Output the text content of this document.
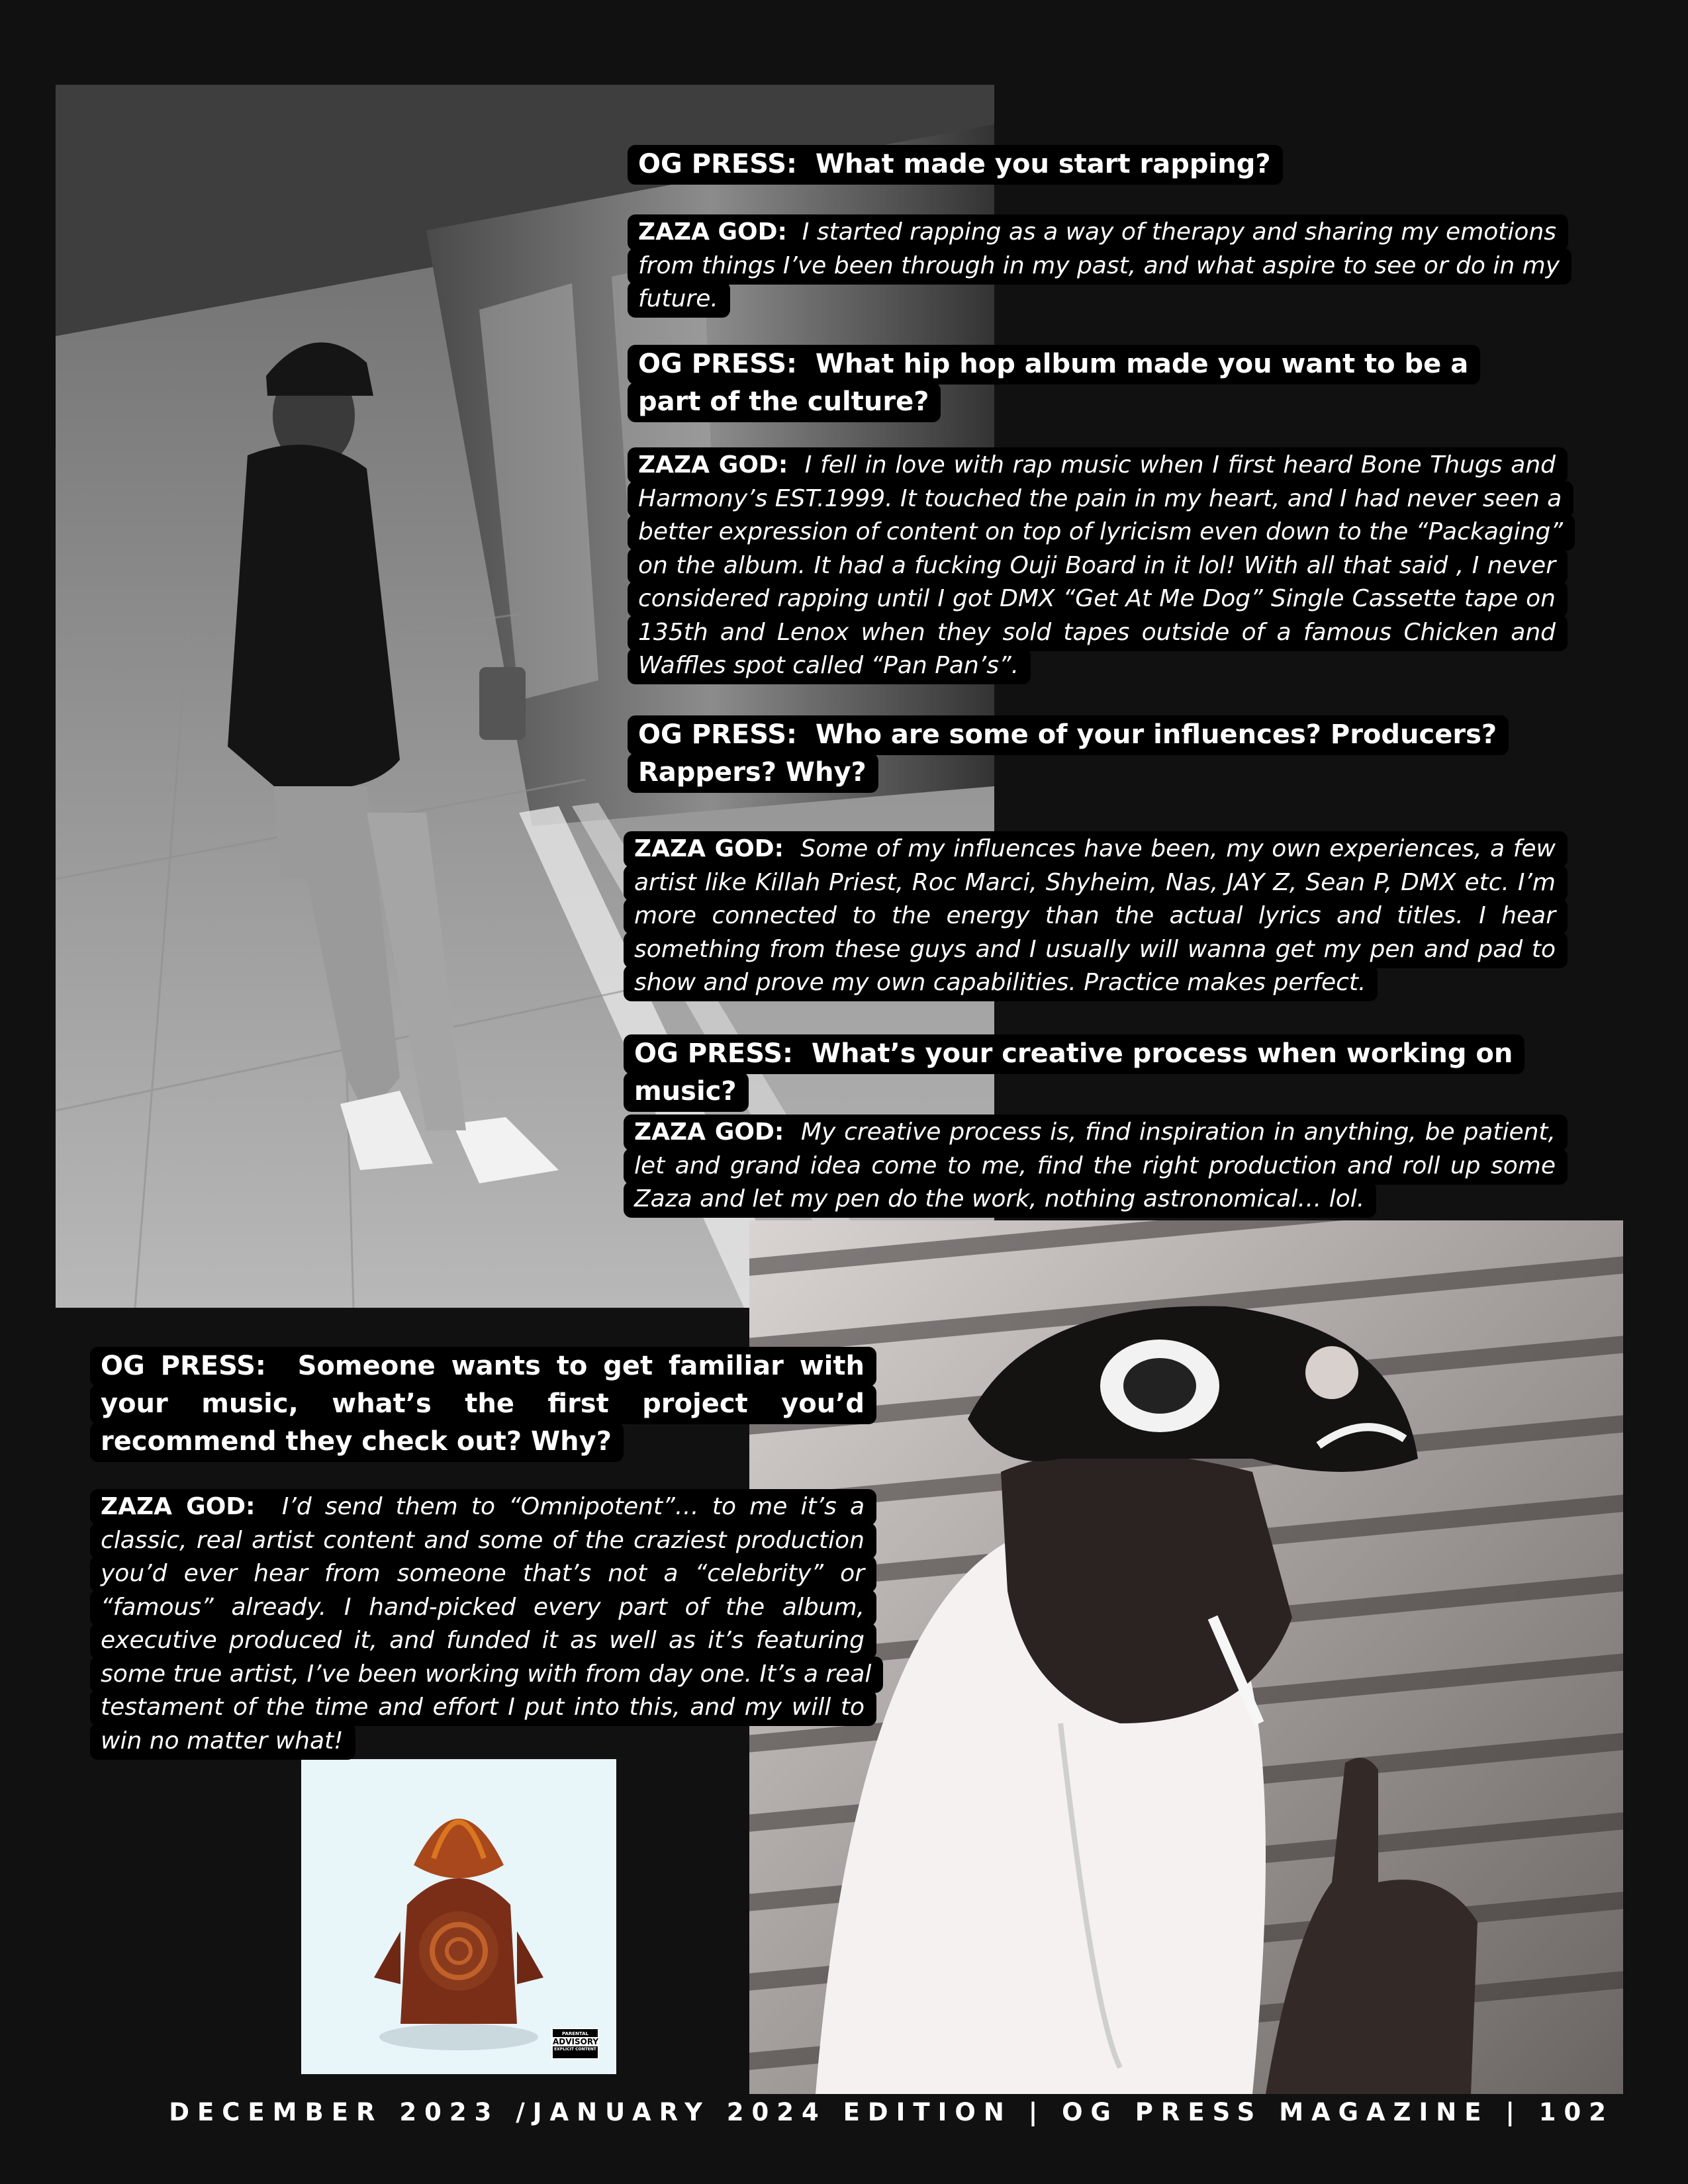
PARENTAL
ADVISORY
EXPLICIT CONTENT
OG PRESS: What made you start rapping?
ZAZA GOD: I started rapping as a way of therapy and sharing my emotions from things I’ve been through in my past, and what aspire to see or do in my future.
OG PRESS: What hip hop album made you want to be a part of the culture?
ZAZA GOD: I fell in love with rap music when I first heard Bone Thugs and Harmony’s EST.1999. It touched the pain in my heart, and I had never seen a better expression of content on top of lyricism even down to the “Packaging” on the album. It had a fucking Ouji Board in it lol! With all that said , I never considered rapping until I got DMX “Get At Me Dog” Single Cassette tape on 135th and Lenox when they sold tapes outside of a famous Chicken and Waffles spot called “Pan Pan’s”.
OG PRESS: Who are some of your influences? Producers? Rappers? Why?
ZAZA GOD: Some of my influences have been, my own experiences, a few artist like Killah Priest, Roc Marci, Shyheim, Nas, JAY Z, Sean P, DMX etc. I’m more connected to the energy than the actual lyrics and titles. I hear something from these guys and I usually will wanna get my pen and pad to show and prove my own capabilities. Practice makes perfect.
OG PRESS: What’s your creative process when working on music?
ZAZA GOD: My creative process is, find inspiration in anything, be patient, let and grand idea come to me, find the right production and roll up some Zaza and let my pen do the work, nothing astronomical… lol.
OG PRESS: Someone wants to get familiar with your music, what’s the first project you’d recommend they check out? Why?
ZAZA GOD: I’d send them to “Omnipotent”… to me it’s a classic, real artist content and some of the craziest production you’d ever hear from someone that’s not a “celebrity” or “famous” already. I hand-picked every part of the album, executive produced it, and funded it as well as it’s featuring some true artist, I’ve been working with from day one. It’s a real testament of the time and effort I put into this, and my will to win no matter what!
DECEMBER 2023 /JANUARY 2024 EDITION | OG PRESS MAGAZINE | 102
